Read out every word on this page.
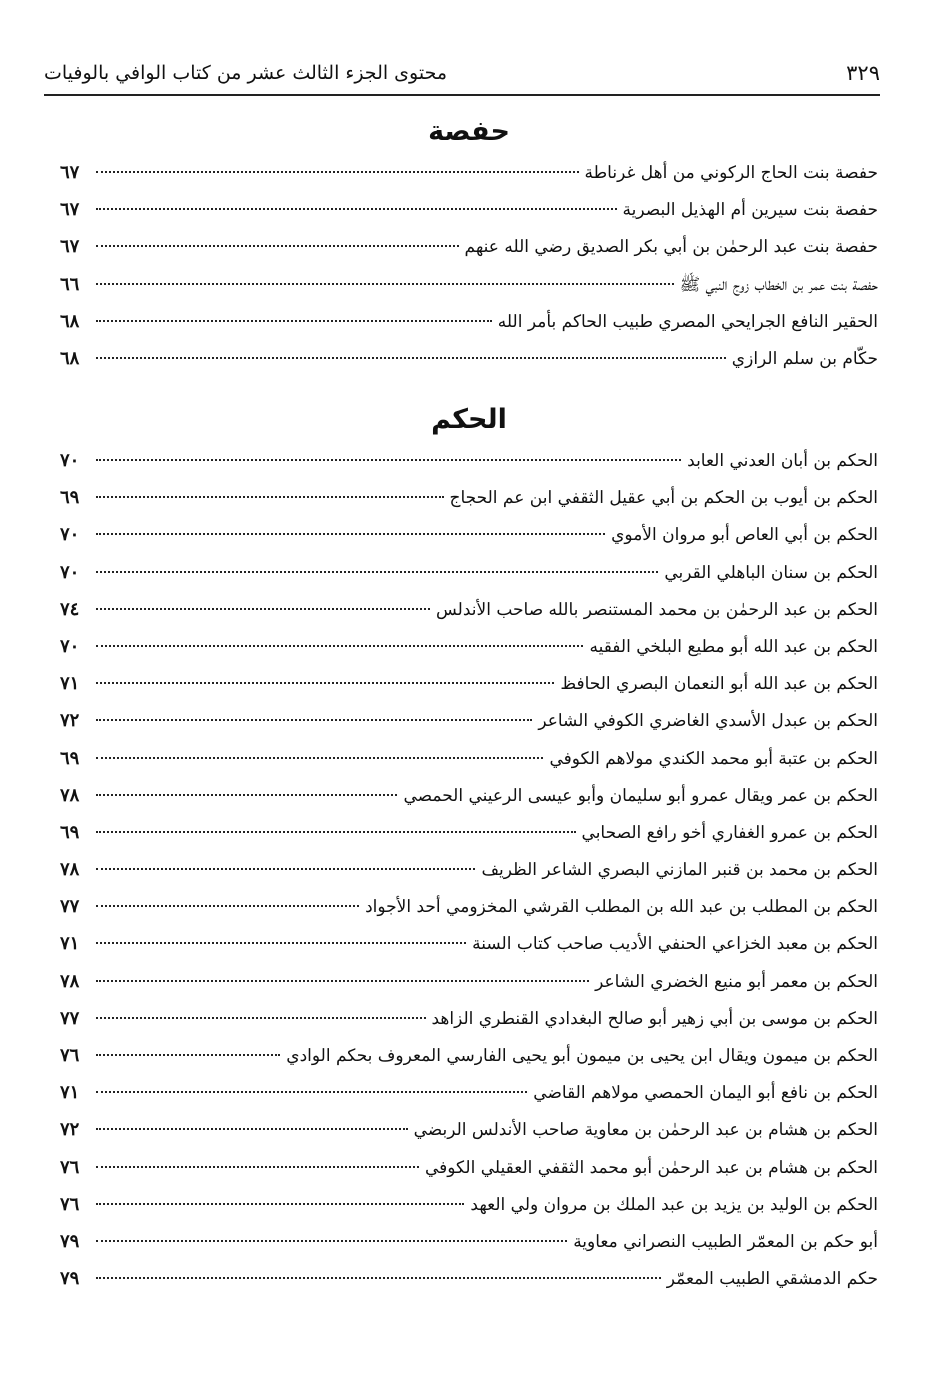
محتوى الجزء الثالث عشر من كتاب الوافي بالوفيات	٣٢٩
حفصة
حفصة بنت الحاج الركوني من أهل غرناطة
٦٧
حفصة بنت سيرين أم الهذيل البصرية
٦٧
حفصة بنت عبد الرحمٰن بن أبي بكر الصديق رضي الله عنهم
٦٧
حفصة بنت عمر بن الخطاب زوج النبي ﷺ
٦٦
الحقير النافع الجرايحي المصري طبيب الحاكم بأمر الله
٦٨
حكّام بن سلم الرازي
٦٨
الحكم
الحكم بن أبان العدني العابد
٧٠
الحكم بن أيوب بن الحكم بن أبي عقيل الثقفي ابن عم الحجاج
٦٩
الحكم بن أبي العاص أبو مروان الأموي
٧٠
الحكم بن سنان الباهلي القربي
٧٠
الحكم بن عبد الرحمٰن بن محمد المستنصر بالله صاحب الأندلس
٧٤
الحكم بن عبد الله أبو مطيع البلخي الفقيه
٧٠
الحكم بن عبد الله أبو النعمان البصري الحافظ
٧١
الحكم بن عبدل الأسدي الغاضري الكوفي الشاعر
٧٢
الحكم بن عتبة أبو محمد الكندي مولاهم الكوفي
٦٩
الحكم بن عمر ويقال عمرو أبو سليمان وأبو عيسى الرعيني الحمصي
٧٨
الحكم بن عمرو الغفاري أخو رافع الصحابي
٦٩
الحكم بن محمد بن قنبر المازني البصري الشاعر الظريف
٧٨
الحكم بن المطلب بن عبد الله بن المطلب القرشي المخزومي أحد الأجواد
٧٧
الحكم بن معبد الخزاعي الحنفي الأديب صاحب كتاب السنة
٧١
الحكم بن معمر أبو منيع الخضري الشاعر
٧٨
الحكم بن موسى بن أبي زهير أبو صالح البغدادي القنطري الزاهد
٧٧
الحكم بن ميمون ويقال ابن يحيى بن ميمون أبو يحيى الفارسي المعروف بحكم الوادي
٧٦
الحكم بن نافع أبو اليمان الحمصي مولاهم القاضي
٧١
الحكم بن هشام بن عبد الرحمٰن بن معاوية صاحب الأندلس الربضي
٧٢
الحكم بن هشام بن عبد الرحمٰن أبو محمد الثقفي العقيلي الكوفي
٧٦
الحكم بن الوليد بن يزيد بن عبد الملك بن مروان ولي العهد
٧٦
أبو حكم بن المعمّر الطبيب النصراني معاوية
٧٩
حكم الدمشقي الطبيب المعمّر
٧٩
